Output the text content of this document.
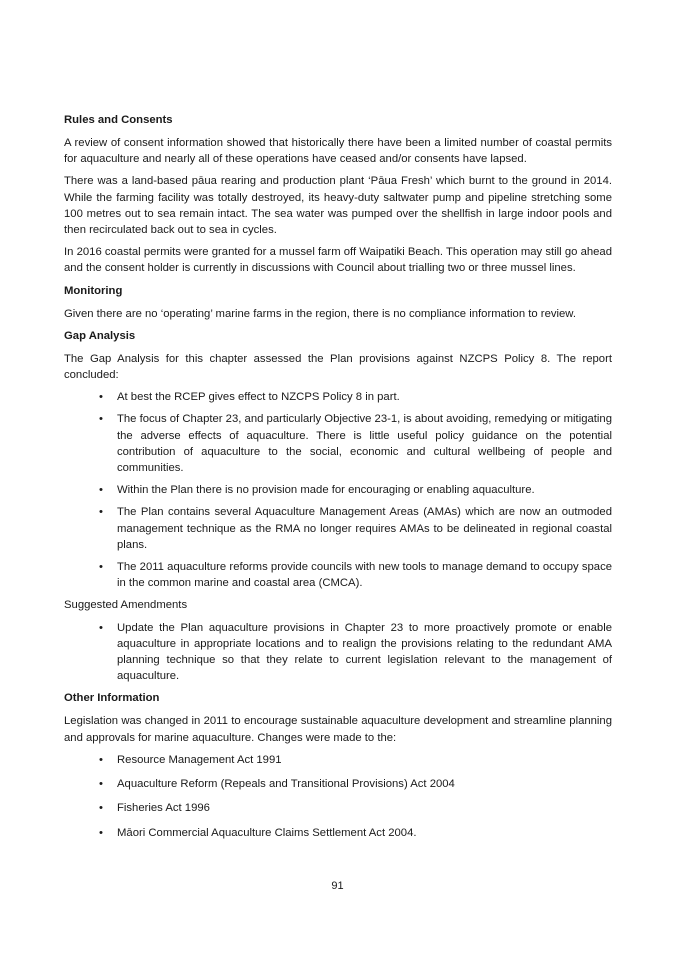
Rules and Consents

A review of consent information showed that historically there have been a limited number of coastal permits for aquaculture and nearly all of these operations have ceased and/or consents have lapsed.

There was a land-based pāua rearing and production plant ‘Pāua Fresh’ which burnt to the ground in 2014. While the farming facility was totally destroyed, its heavy-duty saltwater pump and pipeline stretching some 100 metres out to sea remain intact. The sea water was pumped over the shellfish in large indoor pools and then recirculated back out to sea in cycles.

In 2016 coastal permits were granted for a mussel farm off Waipatiki Beach. This operation may still go ahead and the consent holder is currently in discussions with Council about trialling two or three mussel lines.

Monitoring

Given there are no ‘operating’ marine farms in the region, there is no compliance information to review.

Gap Analysis

The Gap Analysis for this chapter assessed the Plan provisions against NZCPS Policy 8. The report concluded:

• At best the RCEP gives effect to NZCPS Policy 8 in part.
• The focus of Chapter 23, and particularly Objective 23-1, is about avoiding, remedying or mitigating the adverse effects of aquaculture. There is little useful policy guidance on the potential contribution of aquaculture to the social, economic and cultural wellbeing of people and communities.
• Within the Plan there is no provision made for encouraging or enabling aquaculture.
• The Plan contains several Aquaculture Management Areas (AMAs) which are now an outmoded management technique as the RMA no longer requires AMAs to be delineated in regional coastal plans.
• The 2011 aquaculture reforms provide councils with new tools to manage demand to occupy space in the common marine and coastal area (CMCA).
Suggested Amendments
• Update the Plan aquaculture provisions in Chapter 23 to more proactively promote or enable aquaculture in appropriate locations and to realign the provisions relating to the redundant AMA planning technique so that they relate to current legislation relevant to the management of aquaculture.
Other Information

Legislation was changed in 2011 to encourage sustainable aquaculture development and streamline planning and approvals for marine aquaculture. Changes were made to the:

• Resource Management Act 1991
• Aquaculture Reform (Repeals and Transitional Provisions) Act 2004
• Fisheries Act 1996
• Māori Commercial Aquaculture Claims Settlement Act 2004.
91
